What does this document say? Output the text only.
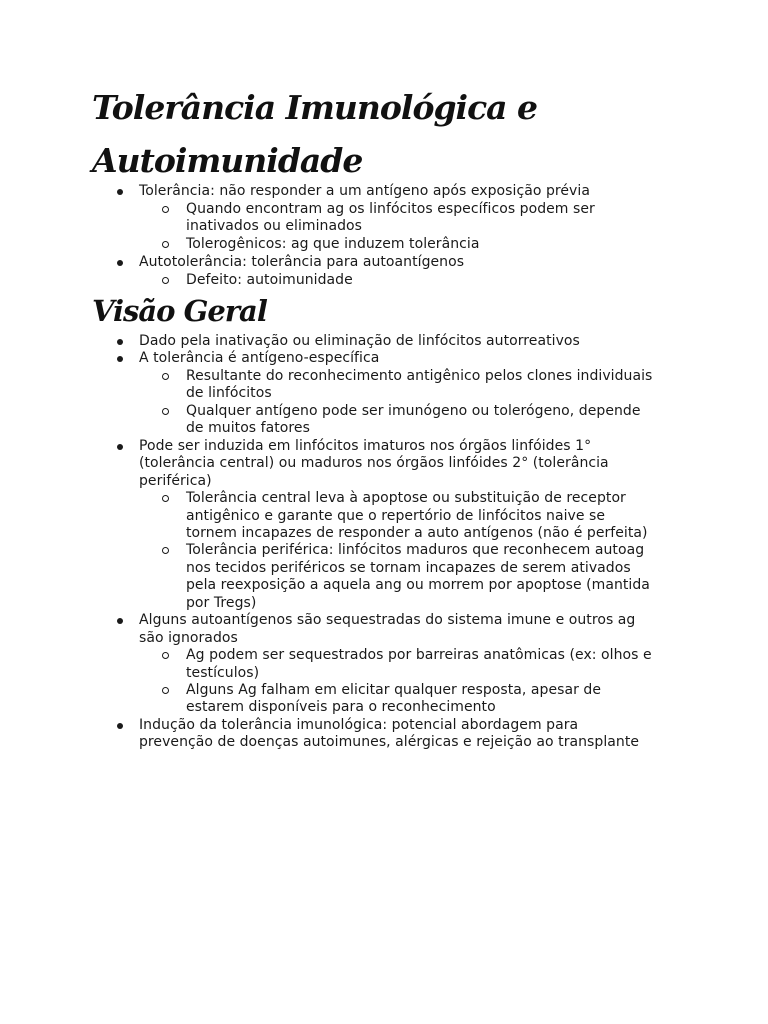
Tolerância Imunológica e
Autoimunidade
Tolerância: não responder a um antígeno após exposição prévia
Quando encontram ag os linfócitos específicos podem ser
inativados ou eliminados
Tolerogênicos: ag que induzem tolerância
Autotolerância: tolerância para autoantígenos
Defeito: autoimunidade
Visão Geral
Dado pela inativação ou eliminação de linfócitos autorreativos
A tolerância é antígeno-específica
Resultante do reconhecimento antigênico pelos clones individuais
de linfócitos
Qualquer antígeno pode ser imunógeno ou tolerógeno, depende
de muitos fatores
Pode ser induzida em linfócitos imaturos nos órgãos linfóides 1°
(tolerância central) ou maduros nos órgãos linfóides 2° (tolerância
periférica)
Tolerância central leva à apoptose ou substituição de receptor
antigênico e garante que o repertório de linfócitos naive se
tornem incapazes de responder a auto antígenos (não é perfeita)
Tolerância periférica: linfócitos maduros que reconhecem autoag
nos tecidos periféricos se tornam incapazes de serem ativados
pela reexposição a aquela ang ou morrem por apoptose (mantida
por Tregs)
Alguns autoantígenos são sequestradas do sistema imune e outros ag
são ignorados
Ag podem ser sequestrados por barreiras anatômicas (ex: olhos e
testículos)
Alguns Ag falham em elicitar qualquer resposta, apesar de
estarem disponíveis para o reconhecimento
Indução da tolerância imunológica: potencial abordagem para
prevenção de doenças autoimunes, alérgicas e rejeição ao transplante
